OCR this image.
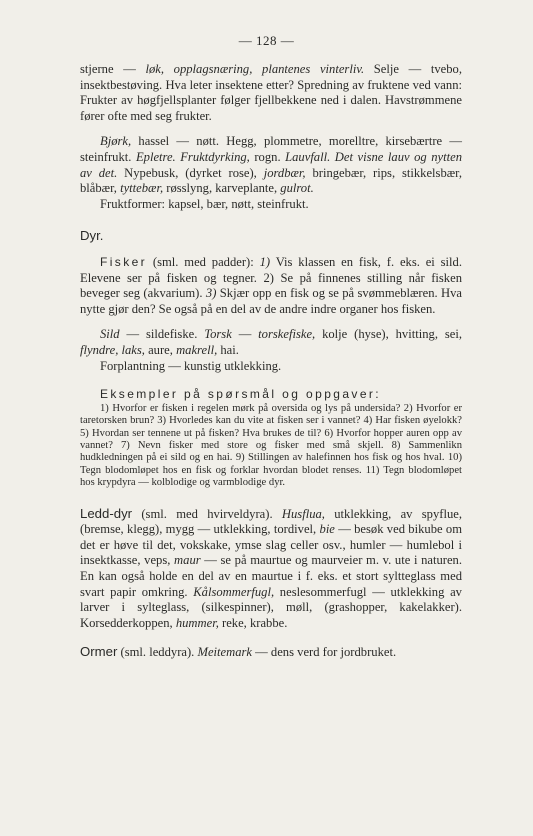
— 128 —

stjerne — løk, opplagsnæring, plantenes vinterliv. Selje — tvebo, insektbestøving. Hva leter insektene etter? Spredning av fruktene ved vann: Frukter av høgfjellsplanter følger fjellbekkene ned i dalen. Havstrømmene fører ofte med seg frukter.

Bjørk, hassel — nøtt. Hegg, plommetre, morelltre, kirsebærtre — steinfrukt. Epletre. Fruktdyrking, rogn. Lauvfall. Det visne lauv og nytten av det. Nypebusk, (dyrket rose), jordbær, bringebær, rips, stikkelsbær, blåbær, tyttebær, røsslyng, karveplante, gulrot.

Fruktformer: kapsel, bær, nøtt, steinfrukt.

Dyr.

Fisker (sml. med padder): 1) Vis klassen en fisk, f. eks. ei sild. Elevene ser på fisken og tegner. 2) Se på finnenes stilling når fisken beveger seg (akvarium). 3) Skjær opp en fisk og se på svømmeblæren. Hva nytte gjør den? Se også på en del av de andre indre organer hos fisken.

Sild — sildefiske. Torsk — torskefiske, kolje (hyse), hvitting, sei, flyndre, laks, aure, makrell, hai.

Forplantning — kunstig utklekking.

Eksempler på spørsmål og oppgaver:

1) Hvorfor er fisken i regelen mørk på oversida og lys på undersida? 2) Hvorfor er taretorsken brun? 3) Hvorledes kan du vite at fisken ser i vannet? 4) Har fisken øyelokk? 5) Hvordan ser tennene ut på fisken? Hva brukes de til? 6) Hvorfor hopper auren opp av vannet? 7) Nevn fisker med store og fisker med små skjell. 8) Sammenlikn hudkledningen på ei sild og en hai. 9) Stillingen av halefinnen hos fisk og hos hval. 10) Tegn blodomløpet hos en fisk og forklar hvordan blodet renses. 11) Tegn blodomløpet hos krypdyra — kolblodige og varmblodige dyr.

Ledd-dyr (sml. med hvirveldyra). Husflua, utklekking, av spyflue, (bremse, klegg), mygg — utklekking, tordivel, bie — besøk ved bikube om det er høve til det, vokskake, ymse slag celler osv., humler — humlebol i insektkasse, veps, maur — se på maurtue og maurveier m. v. ute i naturen. En kan også holde en del av en maurtue i f. eks. et stort syltteglass med svart papir omkring. Kålsommerfugl, neslesommerfugl — utklekking av larver i sylteglass, (silkespinner), møll, (grashopper, kakelakker). Korsedderkoppen, hummer, reke, krabbe.

Ormer (sml. leddyra). Meitemark — dens verd for jordbruket.
